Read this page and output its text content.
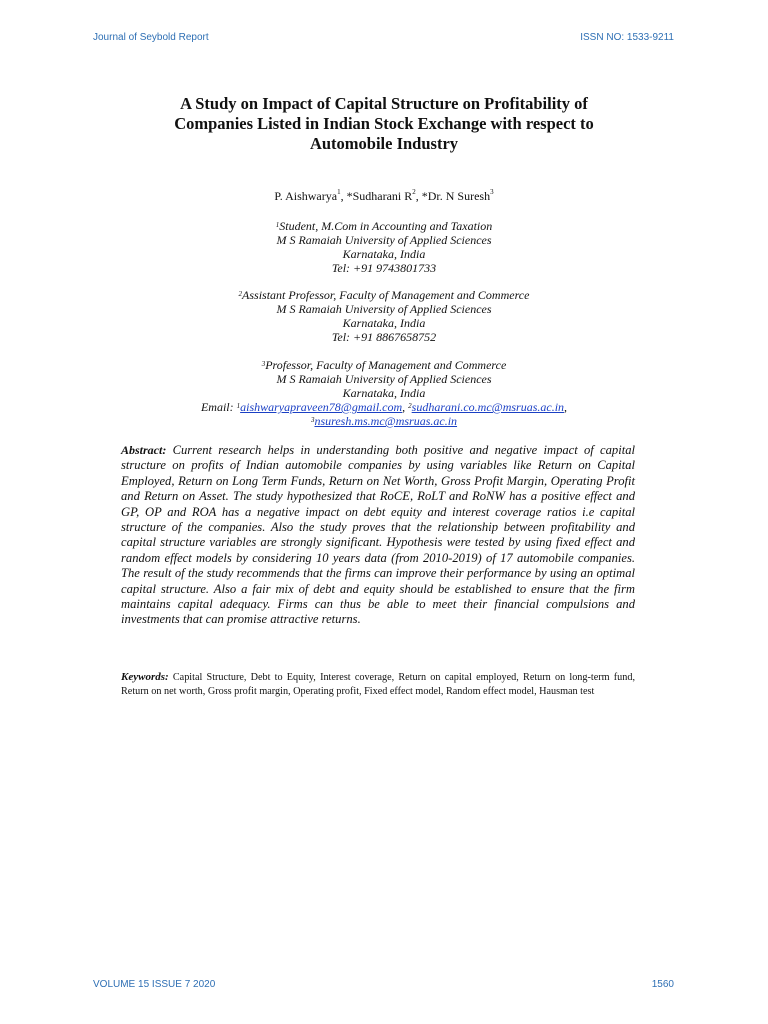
Journal of Seybold Report	ISSN NO: 1533-9211
A Study on Impact of Capital Structure on Profitability of
Companies Listed in Indian Stock Exchange with respect to
Automobile Industry
P. Aishwarya$^1$, *Sudharani $R^2$, *Dr. N Suresh$^3$
$^1$Student, M.Com in Accounting and Taxation
M S Ramaiah University of Applied Sciences
Karnataka, India
Tel: +91 9743801733
$^2$Assistant Professor, Faculty of Management and Commerce
M S Ramaiah University of Applied Sciences
Karnataka, India
Tel: +91 8867658752
$^3$Professor, Faculty of Management and Commerce
M S Ramaiah University of Applied Sciences
Karnataka, India
Email: $^1$aishwaryapraveen78@gmail.com, $^2$sudharani.co.mc@msruas.ac.in,
$^3$nsuresh.ms.mc@msruas.ac.in
Abstract: Current research helps in understanding both positive and negative impact of capital structure on profits of Indian automobile companies by using variables like Return on Capital Employed, Return on Long Term Funds, Return on Net Worth, Gross Profit Margin, Operating Profit and Return on Asset. The study hypothesized that RoCE, RoLT and RoNW has a positive effect and GP, OP and ROA has a negative impact on debt equity and interest coverage ratios i.e capital structure of the companies. Also the study proves that the relationship between profitability and capital structure variables are strongly significant. Hypothesis were tested by using fixed effect and random effect models by considering 10 years data (from 2010-2019) of 17 automobile companies. The result of the study recommends that the firms can improve their performance by using an optimal capital structure. Also a fair mix of debt and equity should be established to ensure that the firm maintains capital adequacy. Firms can thus be able to meet their financial compulsions and investments that can promise attractive returns.
Keywords: Capital Structure, Debt to Equity, Interest coverage, Return on capital employed, Return on long-term fund, Return on net worth, Gross profit margin, Operating profit, Fixed effect model, Random effect model, Hausman test
VOLUME 15 ISSUE 7 2020	1560
